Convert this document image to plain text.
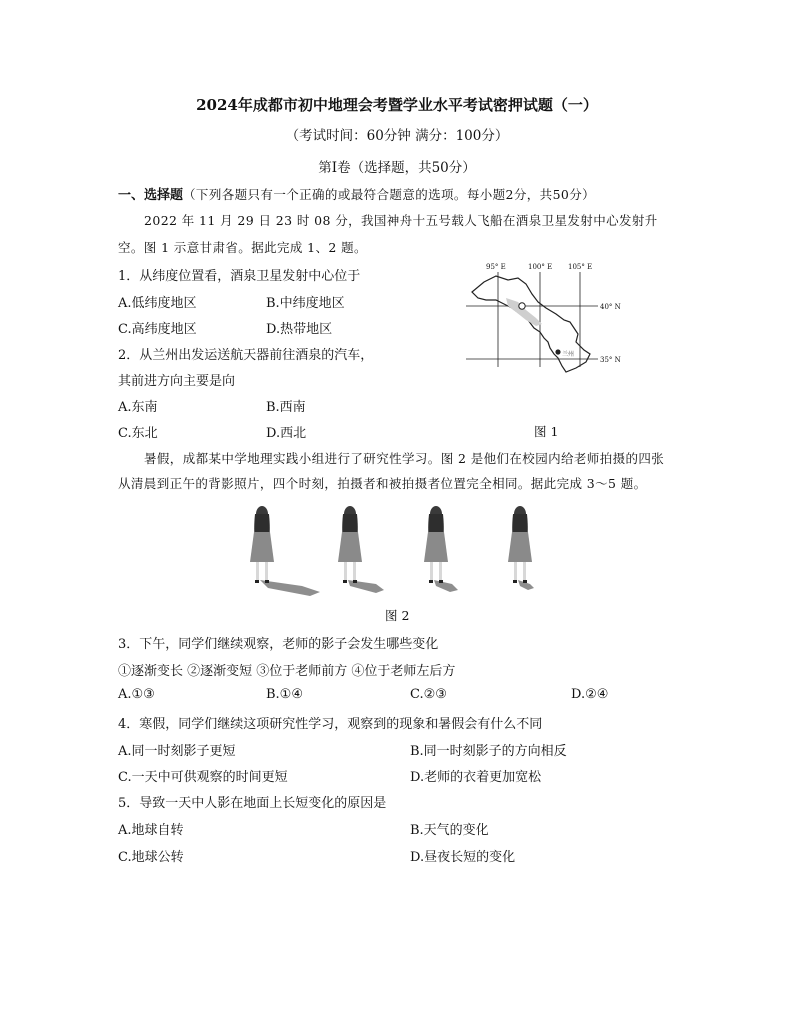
2024年成都市初中地理会考暨学业水平考试密押试题（一）
（考试时间：60分钟 满分：100分）
第Ⅰ卷（选择题，共50分）
一、选择题（下列各题只有一个正确的或最符合题意的选项。每小题2分，共50分）
2022 年 11 月 29 日 23 时 08 分，我国神舟十五号载人飞船在酒泉卫星发射中心发射升
空。图 1 示意甘肃省。据此完成 1、2 题。
1．从纬度位置看，酒泉卫星发射中心位于
A.低纬度地区	B.中纬度地区
C.高纬度地区	D.热带地区
2．从兰州出发运送航天器前往酒泉的汽车，
其前进方向主要是向
A.东南	B.西南
C.东北	D.西北
兰州
95° E	100° E 105° E
40° N
35° N
图 1
暑假，成都某中学地理实践小组进行了研究性学习。图 2 是他们在校园内给老师拍摄的四张
从清晨到正午的背影照片，四个时刻，拍摄者和被拍摄者位置完全相同。据此完成 3～5 题。
图 2
3．下午，同学们继续观察，老师的影子会发生哪些变化
①逐渐变长 ②逐渐变短 ③位于老师前方 ④位于老师左后方
A.①③	B.①④	C.②③	D.②④
4．寒假，同学们继续这项研究性学习，观察到的现象和暑假会有什么不同
A.同一时刻影子更短	B.同一时刻影子的方向相反
C.一天中可供观察的时间更短	D.老师的衣着更加宽松
5．导致一天中人影在地面上长短变化的原因是
A.地球自转	B.天气的变化
C.地球公转	D.昼夜长短的变化
